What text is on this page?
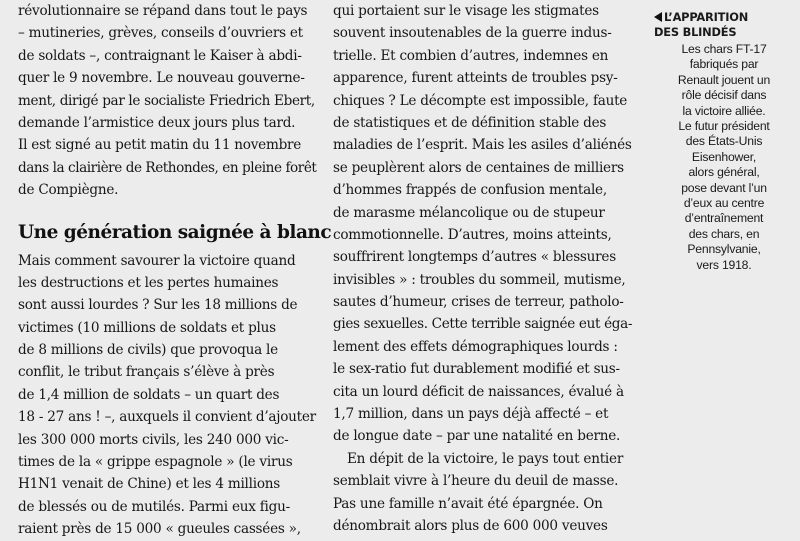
révolutionnaire se répand dans tout le pays
– mutineries, grèves, conseils d’ouvriers et
de soldats –, contraignant le Kaiser à abdi-
quer le 9 novembre. Le nouveau gouverne-
ment, dirigé par le socialiste Friedrich Ebert,
demande l’armistice deux jours plus tard.
Il est signé au petit matin du 11 novembre
dans la clairière de Rethondes, en pleine forêt
de Compiègne.
Une génération saignée à blanc
Mais comment savourer la victoire quand
les destructions et les pertes humaines
sont aussi lourdes ? Sur les 18 millions de
victimes (10 millions de soldats et plus
de 8 millions de civils) que provoqua le
conflit, le tribut français s’élève à près
de 1,4 million de soldats – un quart des
18 - 27 ans ! –, auxquels il convient d’ajouter
les 300 000 morts civils, les 240 000 vic-
times de la « grippe espagnole » (le virus
H1N1 venait de Chine) et les 4 millions
de blessés ou de mutilés. Parmi eux figu-
raient près de 15 000 « gueules cassées »,
qui portaient sur le visage les stigmates
souvent insoutenables de la guerre indus-
trielle. Et combien d’autres, indemnes en
apparence, furent atteints de troubles psy-
chiques ? Le décompte est impossible, faute
de statistiques et de définition stable des
maladies de l’esprit. Mais les asiles d’aliénés
se peuplèrent alors de centaines de milliers
d’hommes frappés de confusion mentale,
de marasme mélancolique ou de stupeur
commotionnelle. D’autres, moins atteints,
souffrirent longtemps d’autres « blessures
invisibles » : troubles du sommeil, mutisme,
sautes d’humeur, crises de terreur, patholo-
gies sexuelles. Cette terrible saignée eut éga-
lement des effets démographiques lourds :
le sex-ratio fut durablement modifié et sus-
cita un lourd déficit de naissances, évalué à
1,7 million, dans un pays déjà affecté – et
de longue date – par une natalité en berne.
En dépit de la victoire, le pays tout entier
semblait vivre à l’heure du deuil de masse.
Pas une famille n’avait été épargnée. On
dénombrait alors plus de 600 000 veuves
L’APPARITION
DES BLINDÉS
Les chars FT-17
fabriqués par
Renault jouent un
rôle décisif dans
la victoire alliée.
Le futur président
des États-Unis
Eisenhower,
alors général,
pose devant l’un
d’eux au centre
d’entraînement
des chars, en
Pennsylvanie,
vers 1918.
